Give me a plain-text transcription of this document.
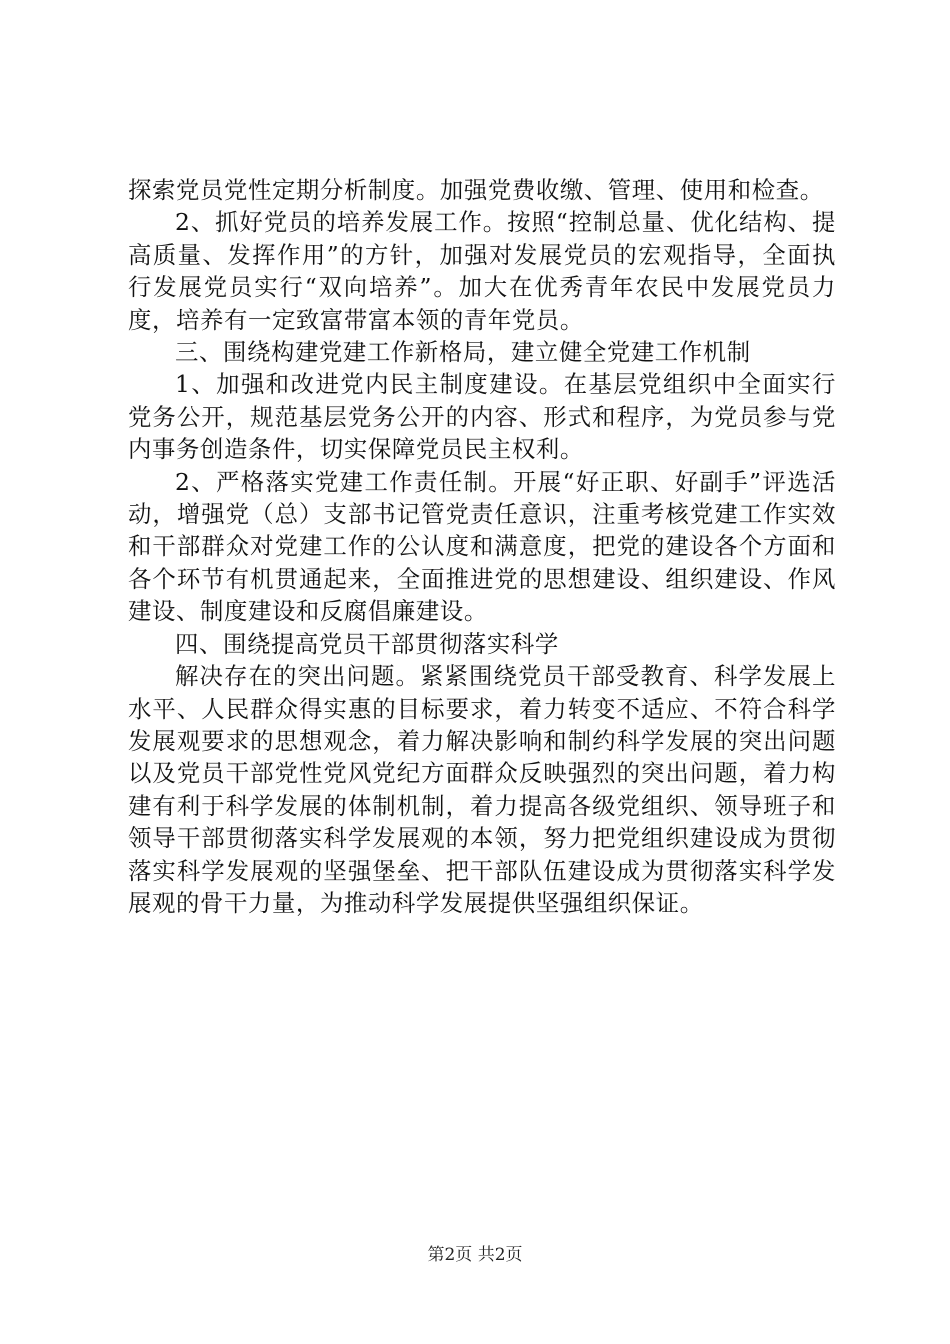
探索党员党性定期分析制度。加强党费收缴、管理、使用和检查。

2、抓好党员的培养发展工作。按照“控制总量、优化结构、提高质量、发挥作用”的方针，加强对发展党员的宏观指导，全面执行发展党员实行“双向培养”。加大在优秀青年农民中发展党员力度，培养有一定致富带富本领的青年党员。

三、围绕构建党建工作新格局，建立健全党建工作机制

1、加强和改进党内民主制度建设。在基层党组织中全面实行党务公开，规范基层党务公开的内容、形式和程序，为党员参与党内事务创造条件，切实保障党员民主权利。

2、严格落实党建工作责任制。开展“好正职、好副手”评选活动，增强党（总）支部书记管党责任意识，注重考核党建工作实效和干部群众对党建工作的公认度和满意度，把党的建设各个方面和各个环节有机贯通起来，全面推进党的思想建设、组织建设、作风建设、制度建设和反腐倡廉建设。

四、围绕提高党员干部贯彻落实科学

解决存在的突出问题。紧紧围绕党员干部受教育、科学发展上水平、人民群众得实惠的目标要求，着力转变不适应、不符合科学发展观要求的思想观念，着力解决影响和制约科学发展的突出问题以及党员干部党性党风党纪方面群众反映强烈的突出问题，着力构建有利于科学发展的体制机制，着力提高各级党组织、领导班子和领导干部贯彻落实科学发展观的本领，努力把党组织建设成为贯彻落实科学发展观的坚强堡垒、把干部队伍建设成为贯彻落实科学发展观的骨干力量，为推动科学发展提供坚强组织保证。

第2页 共2页
